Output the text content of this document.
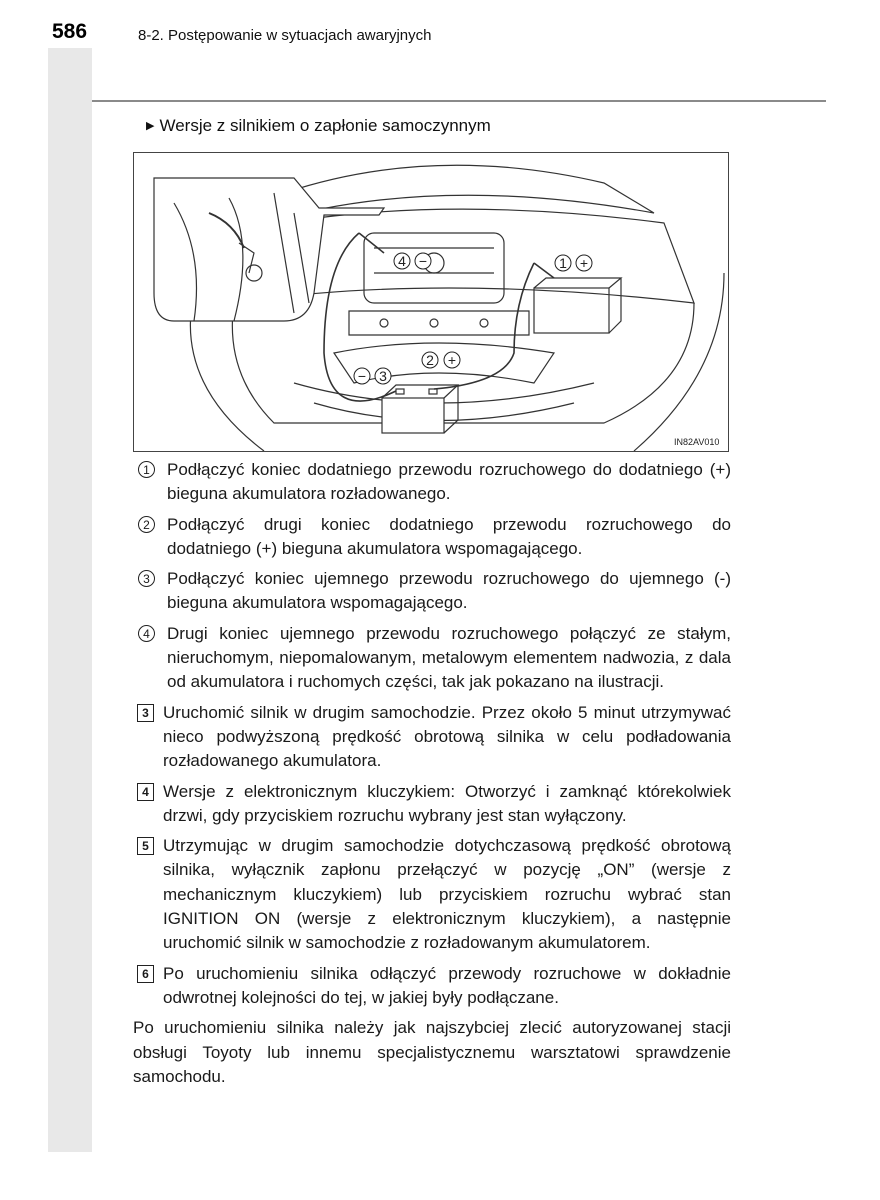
586	8-2. Postępowanie w sytuacjach awaryjnych
▶ Wersje z silnikiem o zapłonie samoczynnym
4 −	1 +
2 +
− 3
IN82AV010
1	Podłączyć koniec dodatniego przewodu rozruchowego do dodatniego (+) bieguna akumulatora rozładowanego.
2	Podłączyć drugi koniec dodatniego przewodu rozruchowego do dodatniego (+) bieguna akumulatora wspomagającego.
3	Podłączyć koniec ujemnego przewodu rozruchowego do ujemnego (-) bieguna akumulatora wspomagającego.
4	Drugi koniec ujemnego przewodu rozruchowego połączyć ze stałym, nieruchomym, niepomalowanym, metalowym elementem nadwozia, z dala od akumulatora i ruchomych części, tak jak pokazano na ilustracji.
3 Uruchomić silnik w drugim samochodzie. Przez około 5 minut utrzymywać nieco podwyższoną prędkość obrotową silnika w celu podładowania rozładowanego akumulatora.
4 Wersje z elektronicznym kluczykiem: Otworzyć i zamknąć którekolwiek drzwi, gdy przyciskiem rozruchu wybrany jest stan wyłączony.
5 Utrzymując w drugim samochodzie dotychczasową prędkość obrotową silnika, wyłącznik zapłonu przełączyć w pozycję „ON” (wersje z mechanicznym kluczykiem) lub przyciskiem rozruchu wybrać stan IGNITION ON (wersje z elektronicznym kluczykiem), a następnie uruchomić silnik w samochodzie z rozładowanym akumulatorem.
6 Po uruchomieniu silnika odłączyć przewody rozruchowe w dokładnie odwrotnej kolejności do tej, w jakiej były podłączane.
Po uruchomieniu silnika należy jak najszybciej zlecić autoryzowanej stacji obsługi Toyoty lub innemu specjalistycznemu warsztatowi sprawdzenie samochodu.
